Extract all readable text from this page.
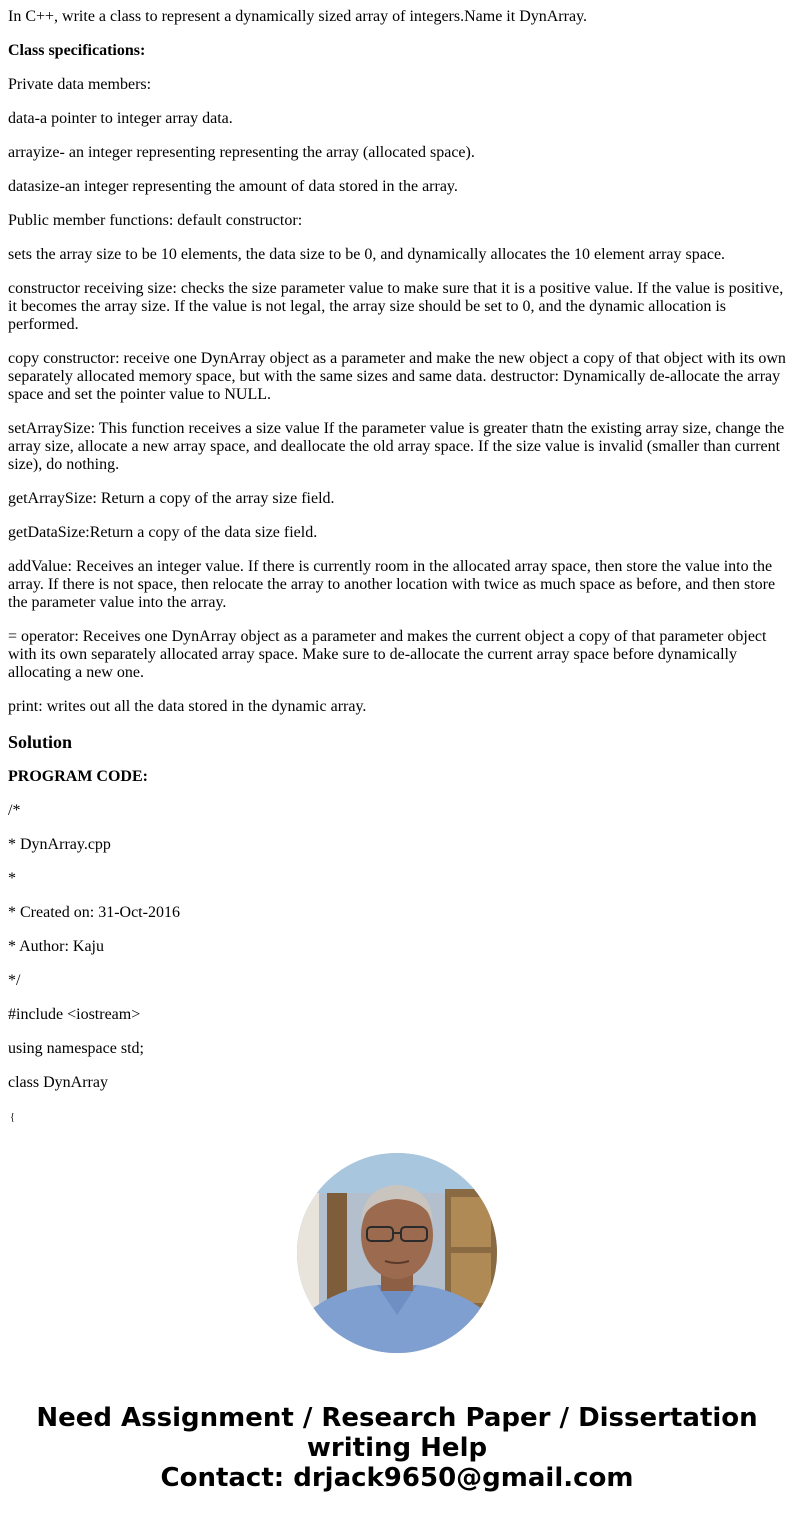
In C++, write a class to represent a dynamically sized array of integers.Name it DynArray.

Class specifications:

Private data members:

data-a pointer to integer array data.

arrayize- an integer representing representing the array (allocated space).

datasize-an integer representing the amount of data stored in the array.

Public member functions: default constructor:

sets the array size to be 10 elements, the data size to be 0, and dynamically allocates the 10 element array space.

constructor receiving size: checks the size parameter value to make sure that it is a positive value. If the value is positive, it becomes the array size. If the value is not legal, the array size should be set to 0, and the dynamic allocation is performed.

copy constructor: receive one DynArray object as a parameter and make the new object a copy of that object with its own separately allocated memory space, but with the same sizes and same data. destructor: Dynamically de-allocate the array space and set the pointer value to NULL.

setArraySize: This function receives a size value If the parameter value is greater thatn the existing array size, change the array size, allocate a new array space, and deallocate the old array space. If the size value is invalid (smaller than current size), do nothing.

getArraySize: Return a copy of the array size field.

getDataSize:Return a copy of the data size field.

addValue: Receives an integer value. If there is currently room in the allocated array space, then store the value into the array. If there is not space, then relocate the array to another location with twice as much space as before, and then store the parameter value into the array.

= operator: Receives one DynArray object as a parameter and makes the current object a copy of that parameter object with its own separately allocated array space. Make sure to de-allocate the current array space before dynamically allocating a new one.

print: writes out all the data stored in the dynamic array.

Solution

PROGRAM CODE:

/*

* DynArray.cpp

*

* Created on: 31-Oct-2016

* Author: Kaju

*/

#include <iostream>

using namespace std;

class DynArray

{
Need Assignment / Research Paper / Dissertation
writing Help
Contact: drjack9650@gmail.com
